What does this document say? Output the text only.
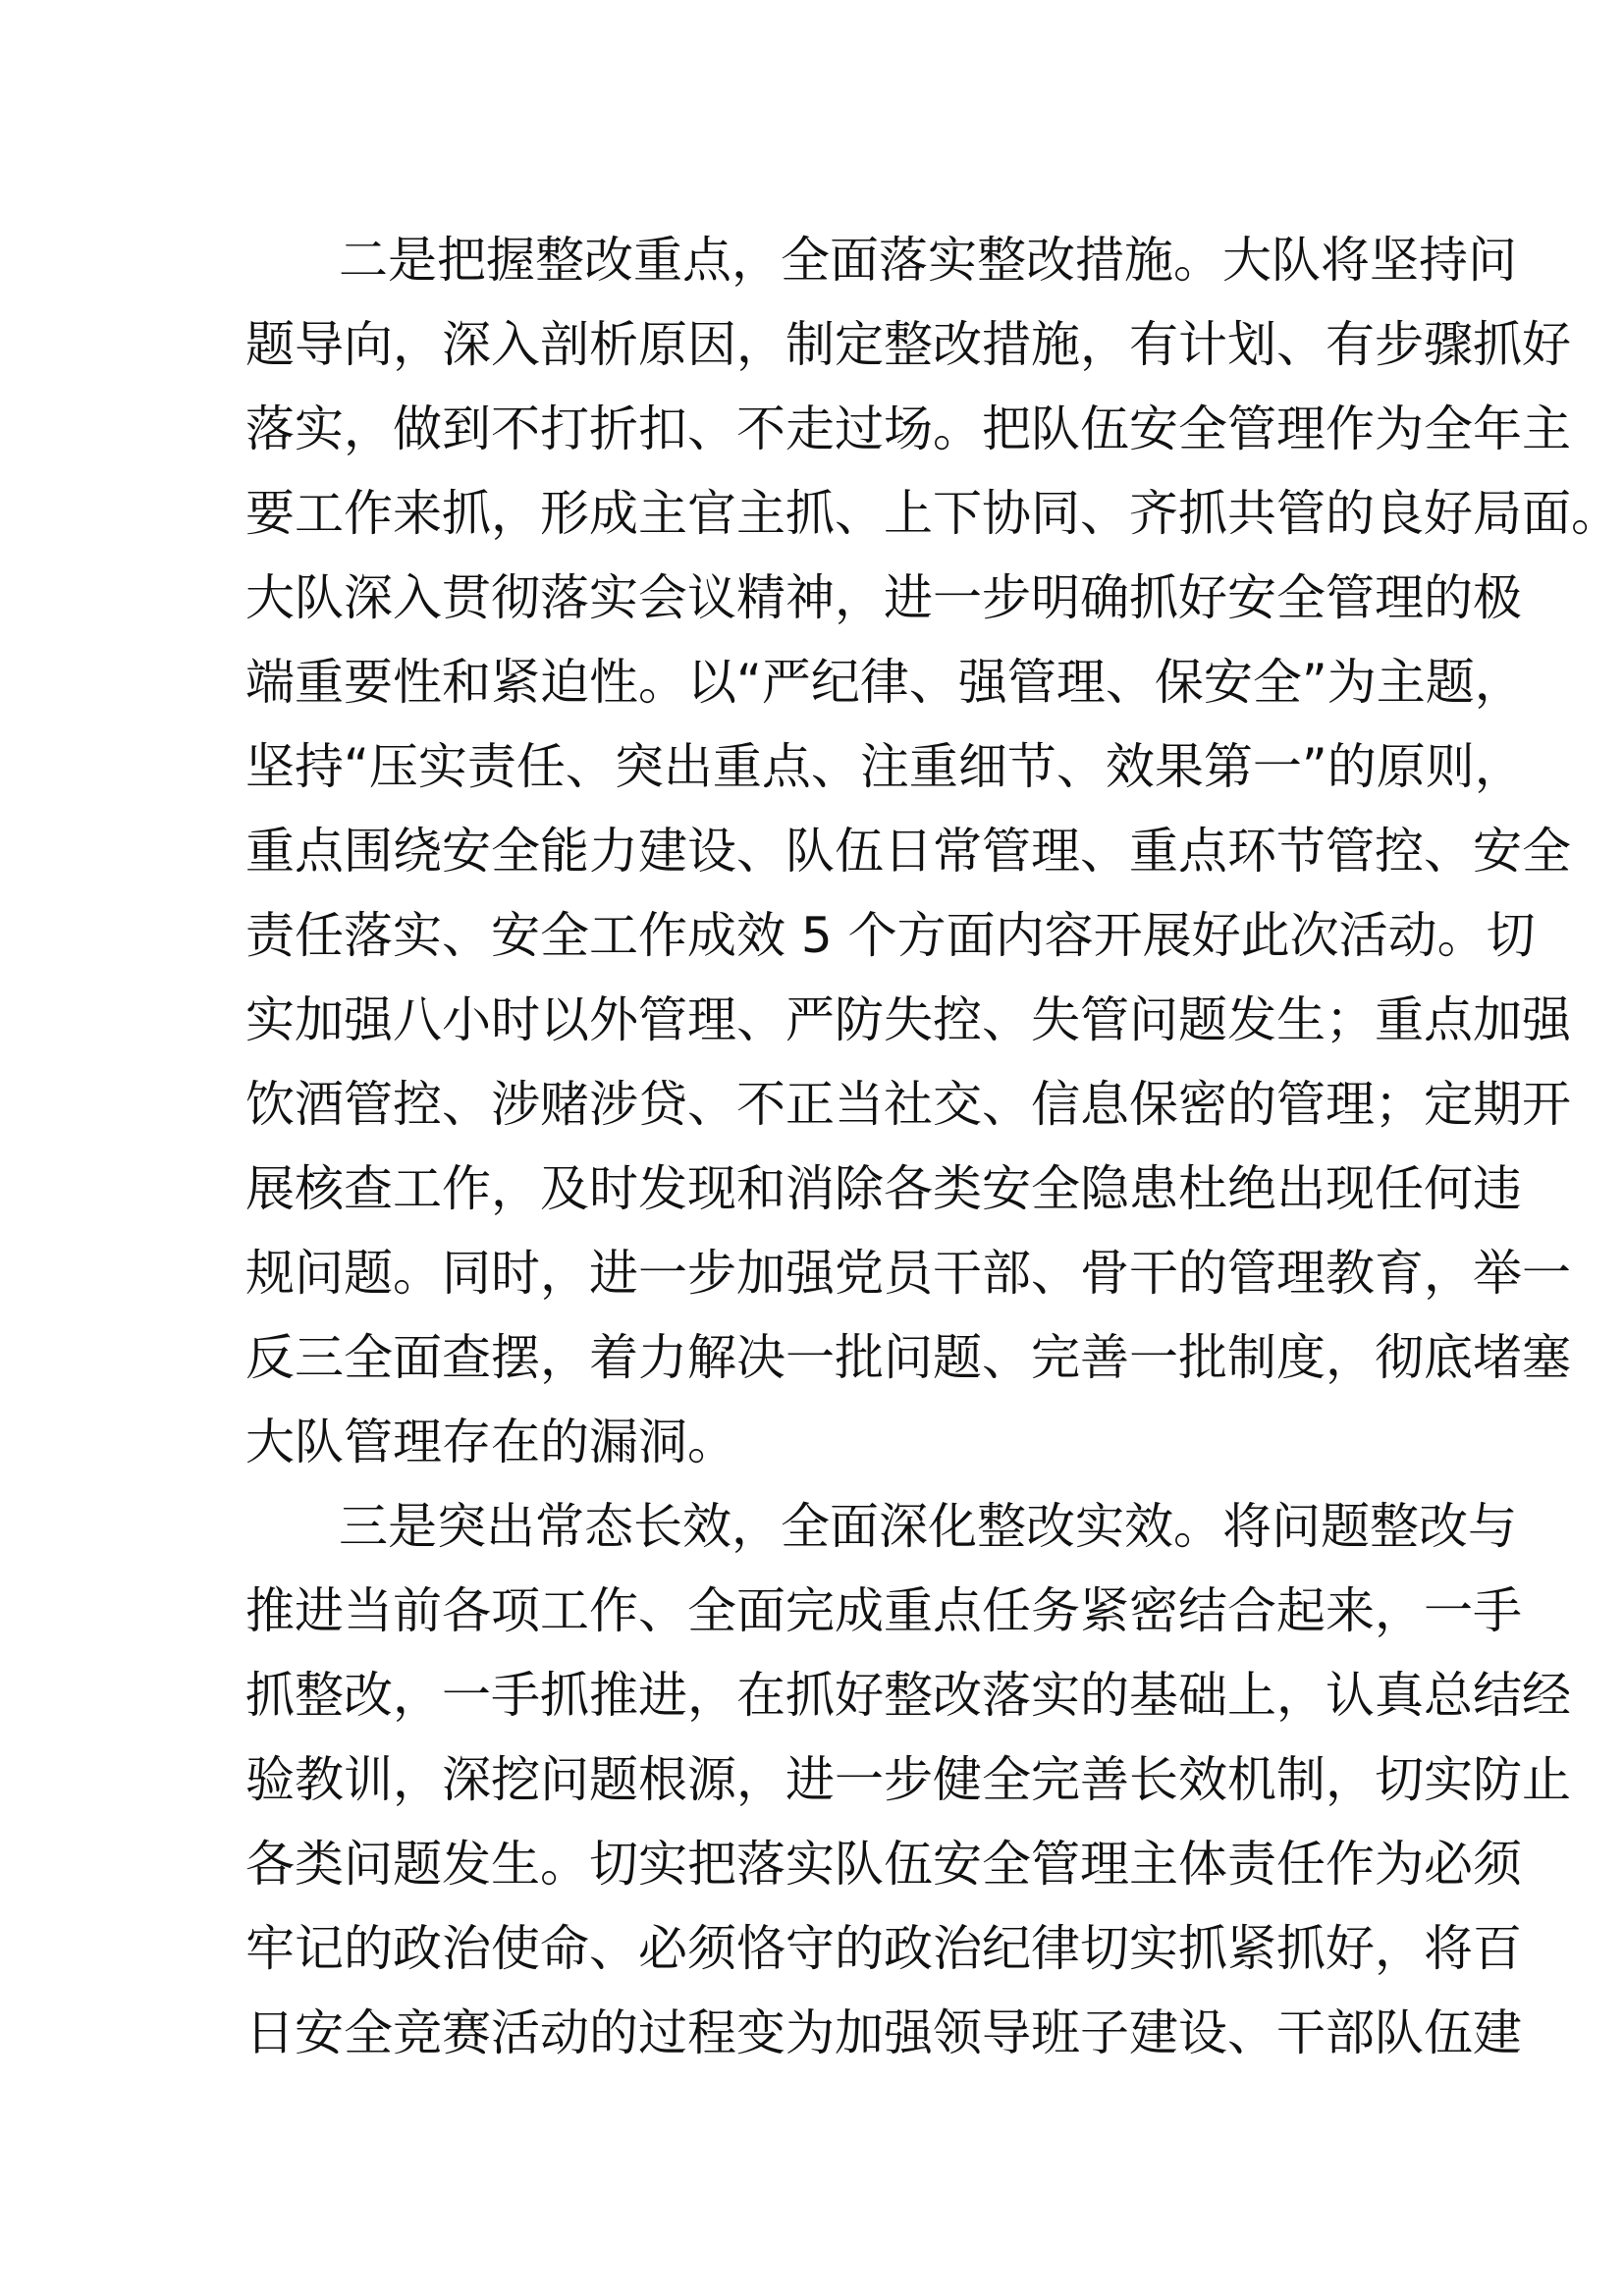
二是把握整改重点，全面落实整改措施。大队将坚持问
题导向，深入剖析原因，制定整改措施，有计划、有步骤抓好
落实，做到不打折扣、不走过场。把队伍安全管理作为全年主
要工作来抓，形成主官主抓、上下协同、齐抓共管的良好局面。
大队深入贯彻落实会议精神，进一步明确抓好安全管理的极
端重要性和紧迫性。以“严纪律、强管理、保安全”为主题，
坚持“压实责任、突出重点、注重细节、效果第一”的原则，
重点围绕安全能力建设、队伍日常管理、重点环节管控、安全
责任落实、安全工作成效 5 个方面内容开展好此次活动。切
实加强八小时以外管理、严防失控、失管问题发生；重点加强
饮酒管控、涉赌涉贷、不正当社交、信息保密的管理；定期开
展核查工作，及时发现和消除各类安全隐患杜绝出现任何违
规问题。同时，进一步加强党员干部、骨干的管理教育，举一
反三全面查摆，着力解决一批问题、完善一批制度，彻底堵塞
大队管理存在的漏洞。
三是突出常态长效，全面深化整改实效。将问题整改与
推进当前各项工作、全面完成重点任务紧密结合起来，一手
抓整改，一手抓推进，在抓好整改落实的基础上，认真总结经
验教训，深挖问题根源，进一步健全完善长效机制，切实防止
各类问题发生。切实把落实队伍安全管理主体责任作为必须
牢记的政治使命、必须恪守的政治纪律切实抓紧抓好，将百
日安全竞赛活动的过程变为加强领导班子建设、干部队伍建
